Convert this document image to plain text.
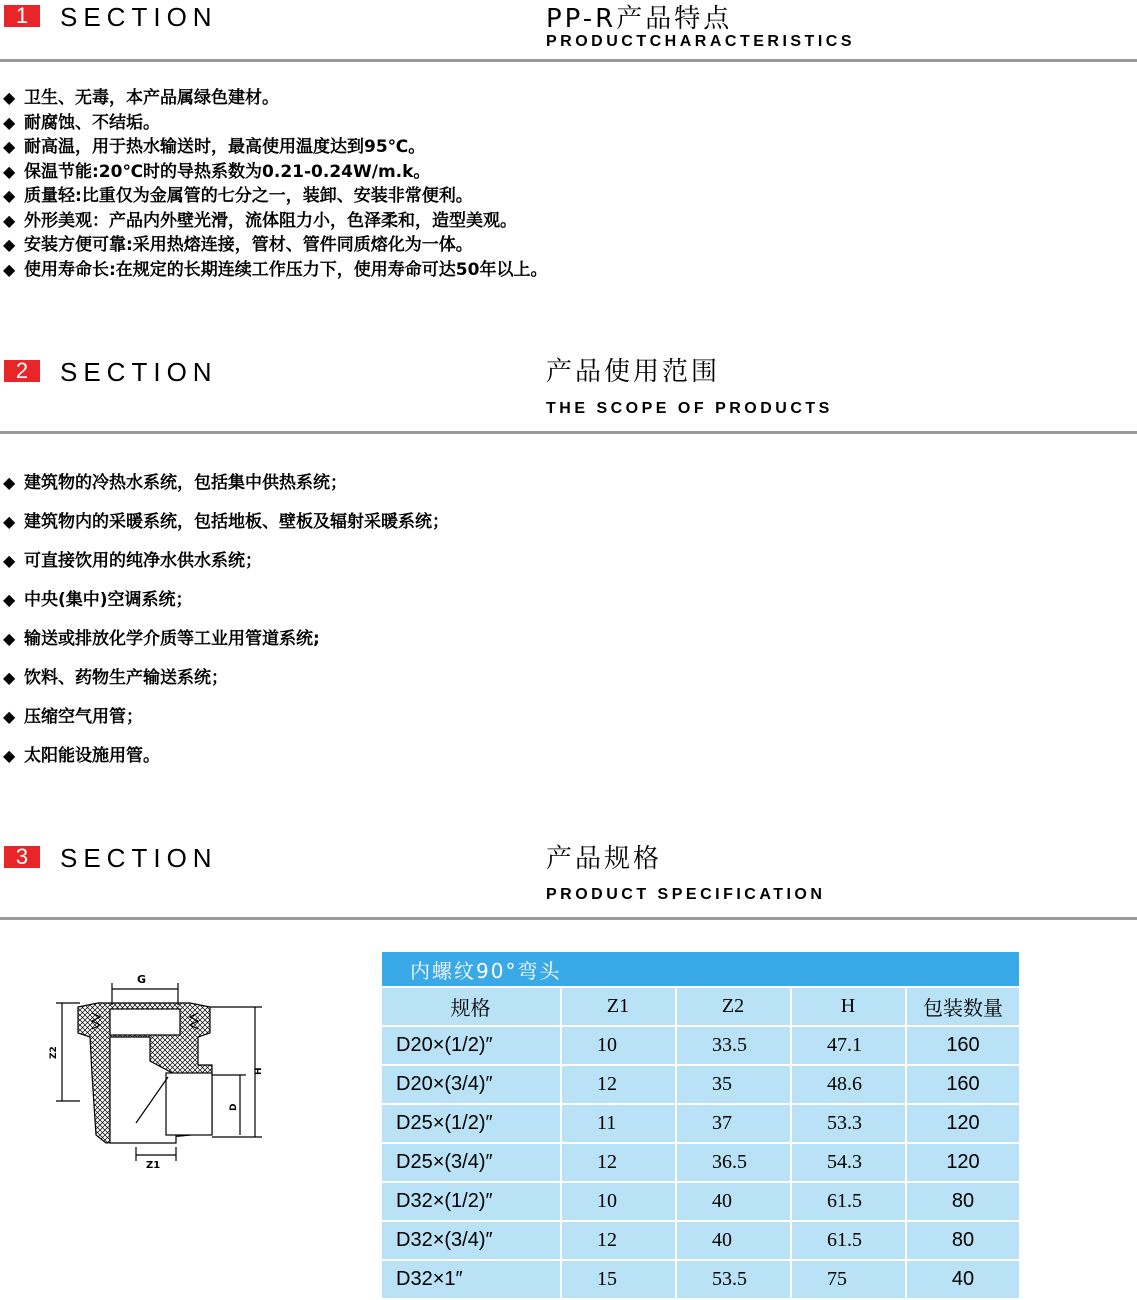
1	SECTION	PP-R产品特点
PRODUCTCHARACTERISTICS
◆ 卫生、无毒，本产品属绿色建材。
◆ 耐腐蚀、不结垢。
◆ 耐高温，用于热水输送时，最高使用温度达到95℃。
◆ 保温节能:20℃时的导热系数为0.21-0.24W/m.k。
◆ 质量轻:比重仅为金属管的七分之一，装卸、安装非常便利。
◆ 外形美观：产品内外壁光滑，流体阻力小，色泽柔和，造型美观。
◆ 安装方便可靠:采用热熔连接，管材、管件同质熔化为一体。
◆ 使用寿命长:在规定的长期连续工作压力下，使用寿命可达50年以上。
2	SECTION	产品使用范围
THE SCOPE OF PRODUCTS
◆ 建筑物的冷热水系统，包括集中供热系统；
◆ 建筑物内的采暖系统，包括地板、壁板及辐射采暖系统；
◆ 可直接饮用的纯净水供水系统；
◆ 中央(集中)空调系统；
◆ 输送或排放化学介质等工业用管道系统;
◆ 饮料、药物生产输送系统；
◆ 压缩空气用管；
◆ 太阳能设施用管。
3	SECTION	产品规格
PRODUCT SPECIFICATION
G
Z2
H
D
Z1
内螺纹90°弯头				
规格	Z1	Z2	H	包装数量
D20×(1/2)″	10	33.5	47.1	160
D20×(3/4)″	12	35	48.6	160
D25×(1/2)″	11	37	53.3	120
D25×(3/4)″	12	36.5	54.3	120
D32×(1/2)″	10	40	61.5	80
D32×(3/4)″	12	40	61.5	80
D32×1″	15	53.5	75	40
